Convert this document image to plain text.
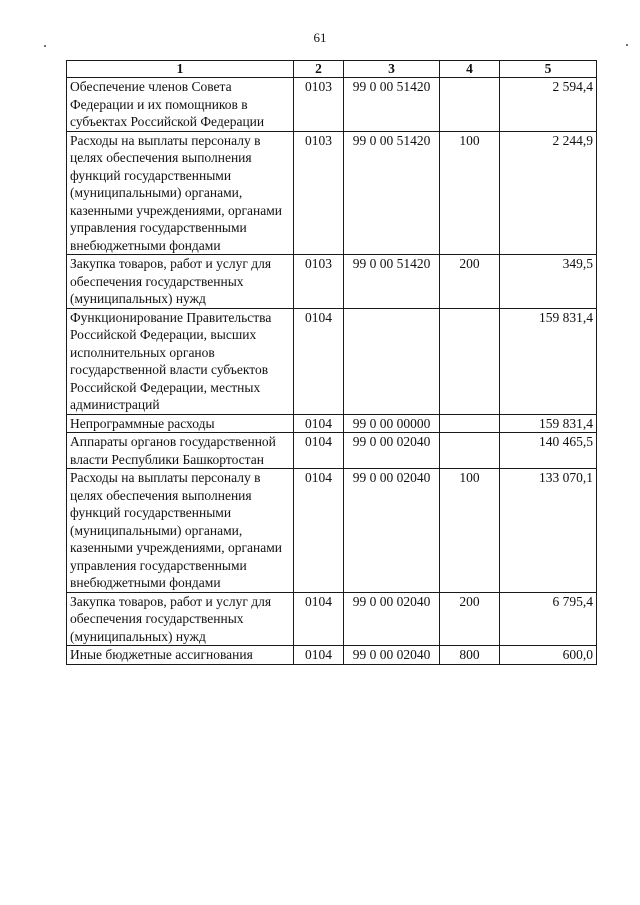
61
1	2	3	4	5
Обеспечение членов Совета Федерации и их помощников в субъектах Российской Федерации	0103	99 0 00 51420		2 594,4
Расходы на выплаты персоналу в целях обеспечения выполнения функций государственными (муниципальными) органами, казенными учреждениями, органами управления государственными внебюджетными фондами	0103	99 0 00 51420	100	2 244,9
Закупка товаров, работ и услуг для обеспечения государственных (муниципальных) нужд	0103	99 0 00 51420	200	349,5
Функционирование Правительства Российской Федерации, высших исполнительных органов государственной власти субъектов Российской Федерации, местных администраций	0104			159 831,4
Непрограммные расходы	0104	99 0 00 00000		159 831,4
Аппараты органов государственной власти Республики Башкортостан	0104	99 0 00 02040		140 465,5
Расходы на выплаты персоналу в целях обеспечения выполнения функций государственными (муниципальными) органами, казенными учреждениями, органами управления государственными внебюджетными фондами	0104	99 0 00 02040	100	133 070,1
Закупка товаров, работ и услуг для обеспечения государственных (муниципальных) нужд	0104	99 0 00 02040	200	6 795,4
Иные бюджетные ассигнования	0104	99 0 00 02040	800	600,0
